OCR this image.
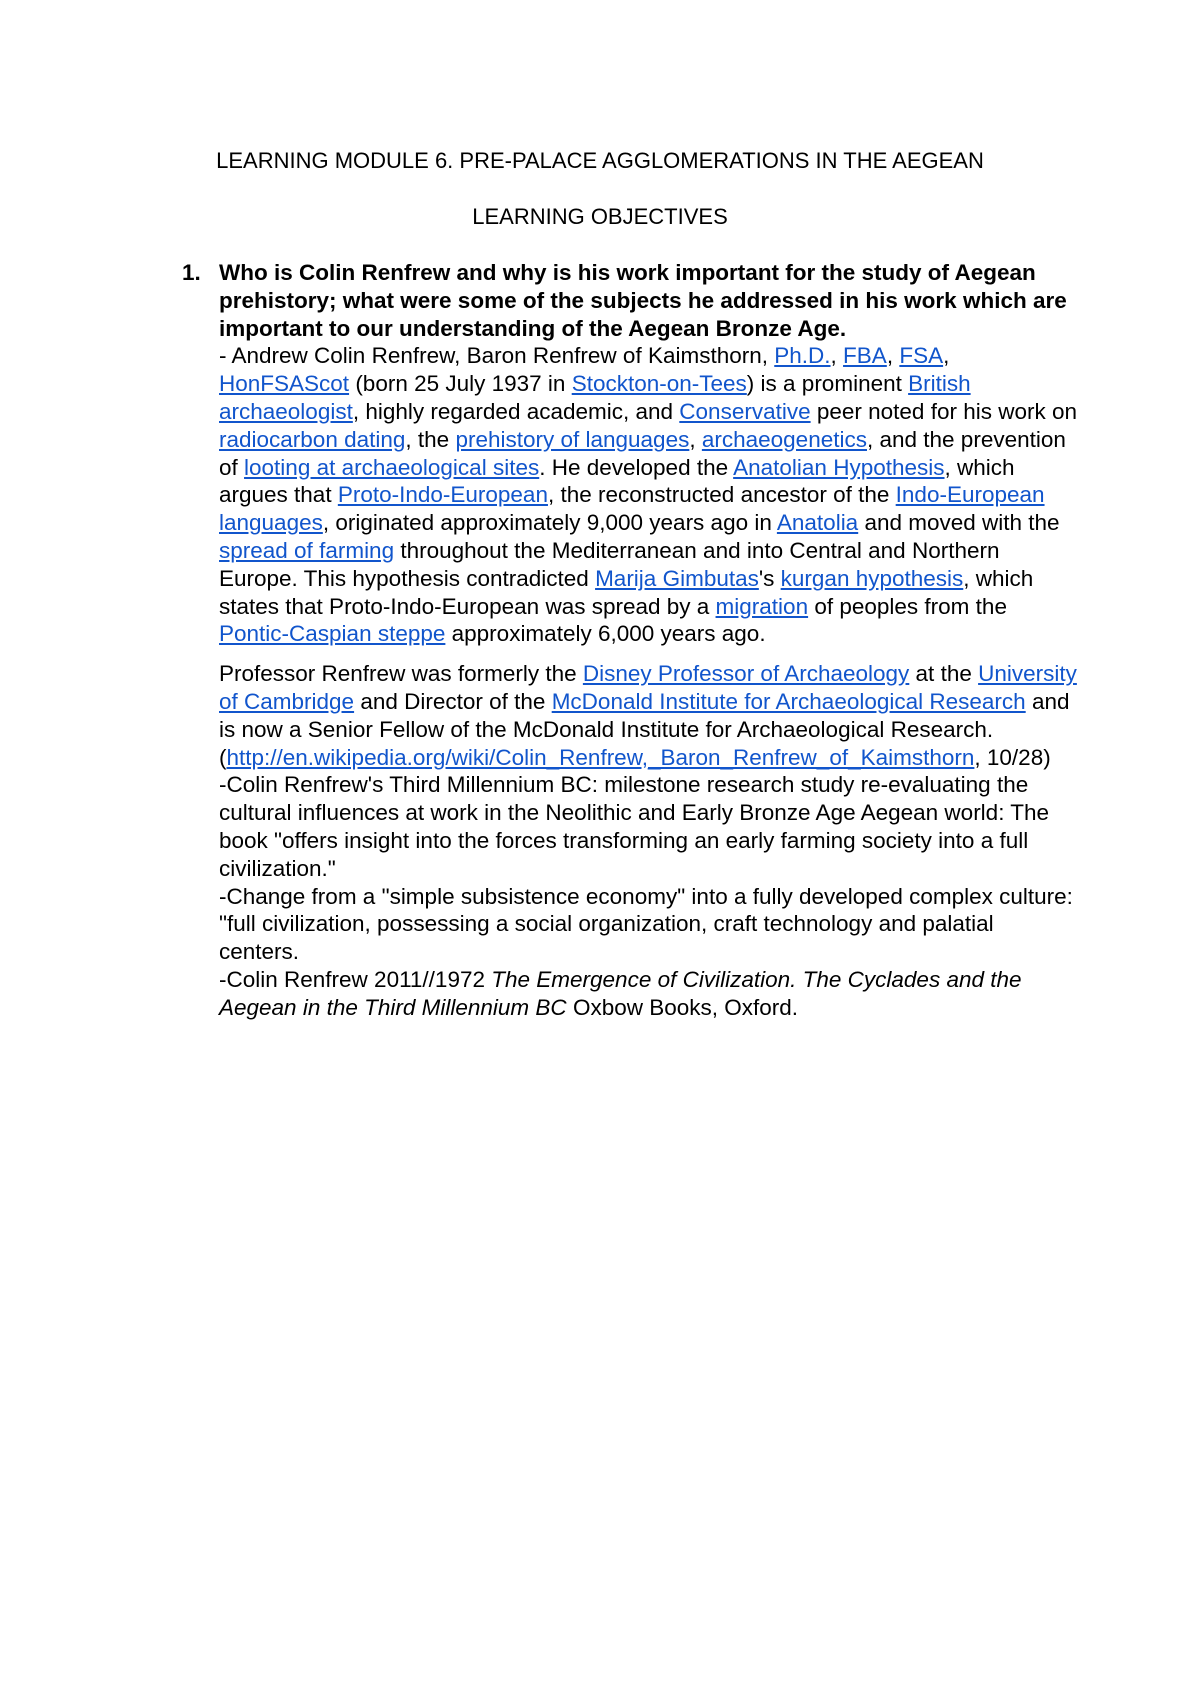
LEARNING MODULE 6. PRE-PALACE AGGLOMERATIONS IN THE AEGEAN
LEARNING OBJECTIVES
1. Who is Colin Renfrew and why is his work important for the study of Aegean prehistory; what were some of the subjects he addressed in his work which are important to our understanding of the Aegean Bronze Age.

- Andrew Colin Renfrew, Baron Renfrew of Kaimsthorn, Ph.D., FBA, FSA, HonFSAScot (born 25 July 1937 in Stockton-on-Tees) is a prominent British archaeologist, highly regarded academic, and Conservative peer noted for his work on radiocarbon dating, the prehistory of languages, archaeogenetics, and the prevention of looting at archaeological sites. He developed the Anatolian Hypothesis, which argues that Proto-Indo-European, the reconstructed ancestor of the Indo-European languages, originated approximately 9,000 years ago in Anatolia and moved with the spread of farming throughout the Mediterranean and into Central and Northern Europe. This hypothesis contradicted Marija Gimbutas's kurgan hypothesis, which states that Proto-Indo-European was spread by a migration of peoples from the Pontic-Caspian steppe approximately 6,000 years ago.

Professor Renfrew was formerly the Disney Professor of Archaeology at the University of Cambridge and Director of the McDonald Institute for Archaeological Research and is now a Senior Fellow of the McDonald Institute for Archaeological Research. (http://en.wikipedia.org/wiki/Colin_Renfrew,_Baron_Renfrew_of_Kaimsthorn, 10/28)

-Colin Renfrew's Third Millennium BC: milestone research study re-evaluating the cultural influences at work in the Neolithic and Early Bronze Age Aegean world: The book "offers insight into the forces transforming an early farming society into a full civilization."

-Change from a "simple subsistence economy" into a fully developed complex culture: "full civilization, possessing a social organization, craft technology and palatial centers.

-Colin Renfrew 2011//1972 The Emergence of Civilization. The Cyclades and the Aegean in the Third Millennium BC Oxbow Books, Oxford.
